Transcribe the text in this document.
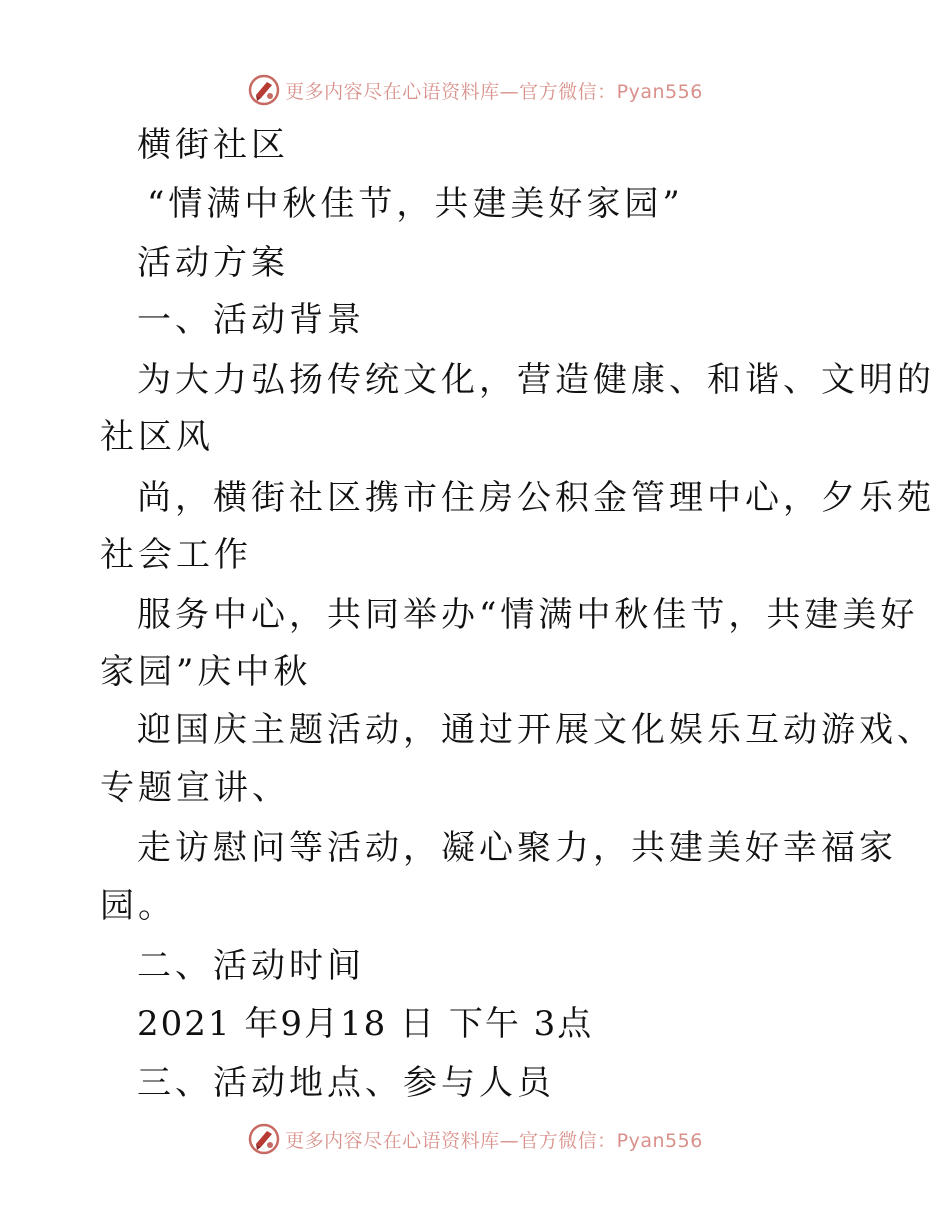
更多内容尽在心语资料库—官方微信：Pyan556
横街社区
“情满中秋佳节，共建美好家园”
活动方案
一、活动背景
为大力弘扬传统文化，营造健康、和谐、文明的
社区风
尚，横街社区携市住房公积金管理中心，夕乐苑
社会工作
服务中心，共同举办“情满中秋佳节，共建美好
家园”庆中秋
迎国庆主题活动，通过开展文化娱乐互动游戏、
专题宣讲、
走访慰问等活动，凝心聚力，共建美好幸福家
园。
二、活动时间
2021 年9月18 日 下午 3点
三、活动地点、参与人员
更多内容尽在心语资料库—官方微信：Pyan556
